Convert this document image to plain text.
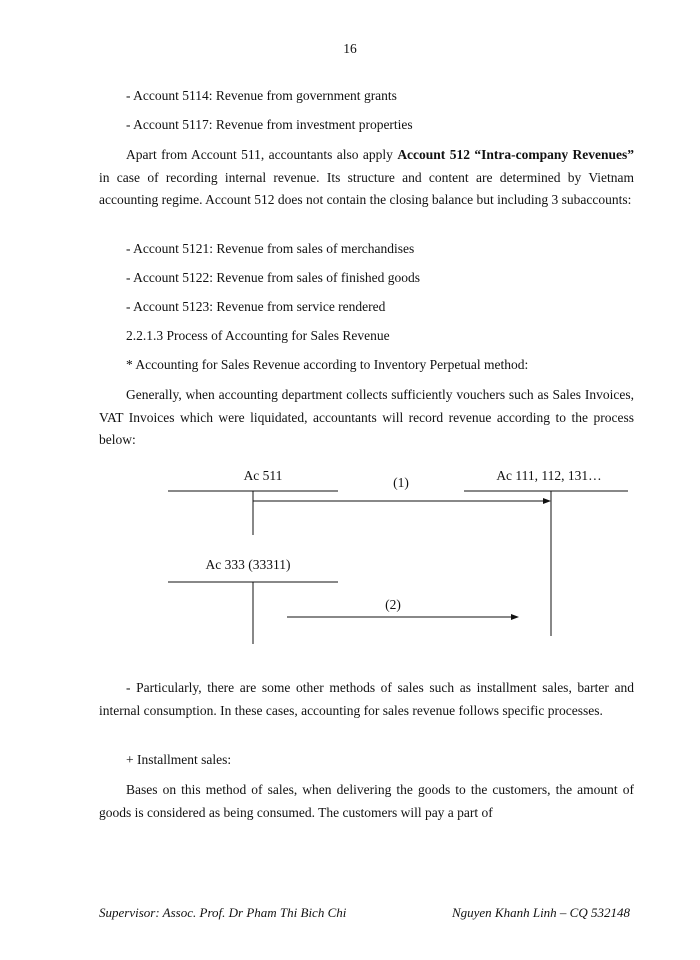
16
- Account 5114: Revenue from government grants
- Account 5117: Revenue from investment properties

Apart from Account 511, accountants also apply Account 512 “Intra-company Revenues” in case of recording internal revenue. Its structure and content are determined by Vietnam accounting regime. Account 512 does not contain the closing balance but including 3 subaccounts:

- Account 5121: Revenue from sales of merchandises
- Account 5122: Revenue from sales of finished goods
- Account 5123: Revenue from service rendered
2.2.1.3 Process of Accounting for Sales Revenue
* Accounting for Sales Revenue according to Inventory Perpetual method:

Generally, when accounting department collects sufficiently vouchers such as Sales Invoices, VAT Invoices which were liquidated, accountants will record revenue according to the process below:

Ac 511	Ac 111, 112, 131…
(1)
Ac 333 (33311)
(2)

- Particularly, there are some other methods of sales such as installment sales, barter and internal consumption. In these cases, accounting for sales revenue follows specific processes.

+ Installment sales:

Bases on this method of sales, when delivering the goods to the customers, the amount of goods is considered as being consumed. The customers will pay a part of

Supervisor: Assoc. Prof. Dr Pham Thi Bich Chi	Nguyen Khanh Linh – CQ 532148
